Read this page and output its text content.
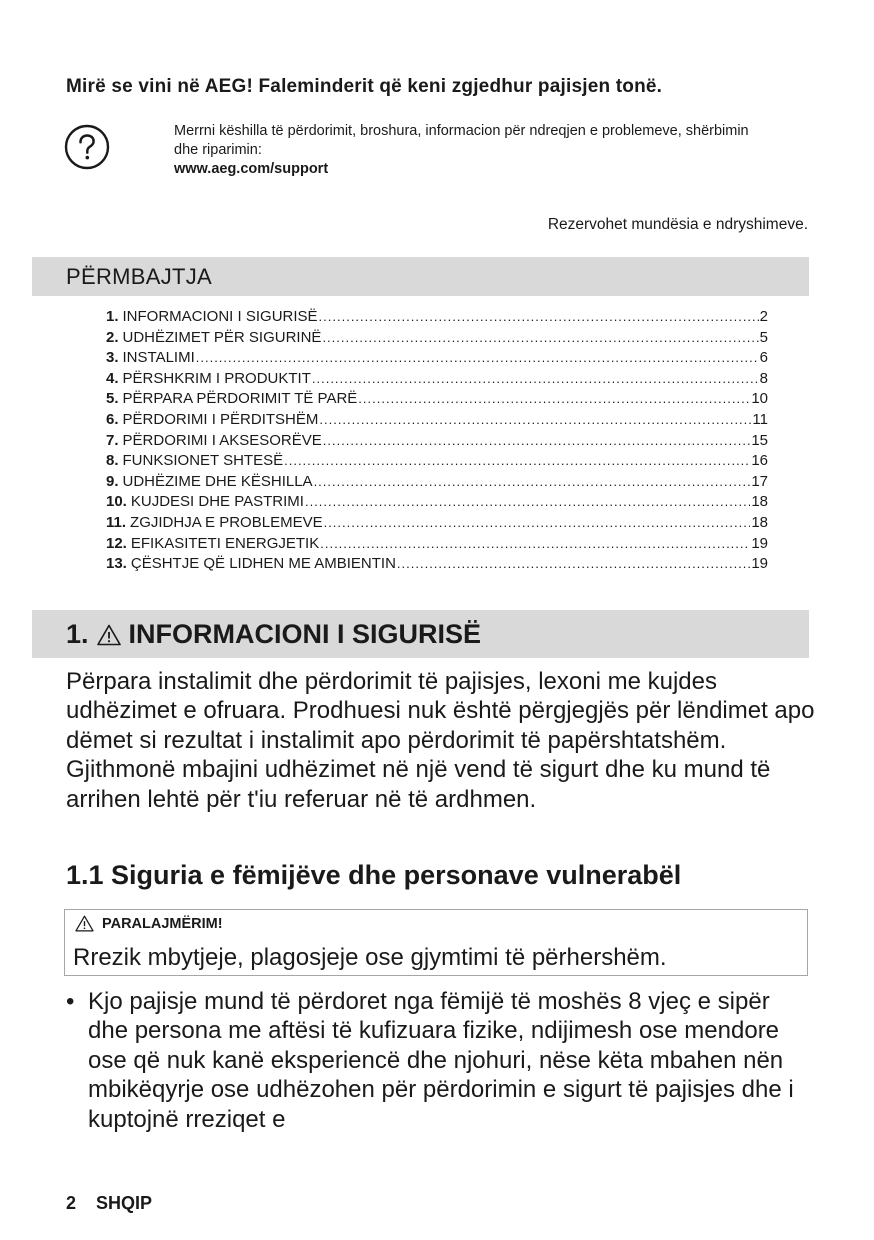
Mirë se vini në AEG! Faleminderit që keni zgjedhur pajisjen tonë.
Merrni këshilla të përdorimit, broshura, informacion për ndreqjen e problemeve, shërbimin dhe riparimin:
www.aeg.com/support
Rezervohet mundësia e ndryshimeve.
PËRMBAJTJA
1. INFORMACIONI I SIGURISË .....	2
2. UDHËZIMET PËR SIGURINË .....	5
3. INSTALIMI .....	6
4. PËRSHKRIM I PRODUKTIT .....	8
5. PËRPARA PËRDORIMIT TË PARË .....	10
6. PËRDORIMI I PËRDITSHËM .....	11
7. PËRDORIMI I AKSESORËVE .....	15
8. FUNKSIONET SHTESË .....	16
9. UDHËZIME DHE KËSHILLA .....	17
10. KUJDESI DHE PASTRIMI .....	18
11. ZGJIDHJA E PROBLEMEVE .....	18
12. EFIKASITETI ENERGJETIK .....	19
13. ÇËSHTJE QË LIDHEN ME AMBIENTIN .....	19
1. INFORMACIONI I SIGURISË
Përpara instalimit dhe përdorimit të pajisjes, lexoni me kujdes udhëzimet e ofruara. Prodhuesi nuk është përgjegjës për lëndimet apo dëmet si rezultat i instalimit apo përdorimit të papërshtatshëm. Gjithmonë mbajini udhëzimet në një vend të sigurt dhe ku mund të arrihen lehtë për t'iu referuar në të ardhmen.
1.1 Siguria e fëmijëve dhe personave vulnerabël
PARALAJMËRIM!
Rrezik mbytjeje, plagosjeje ose gjymtimi të përhershëm.
• Kjo pajisje mund të përdoret nga fëmijë të moshës 8 vjeç e sipër dhe persona me aftësi të kufizuara fizike, ndijimesh ose mendore ose që nuk kanë eksperiencë dhe njohuri, nëse këta mbahen nën mbikëqyrje ose udhëzohen për përdorimin e sigurt të pajisjes dhe i kuptojnë rreziqet e
2 SHQIP
